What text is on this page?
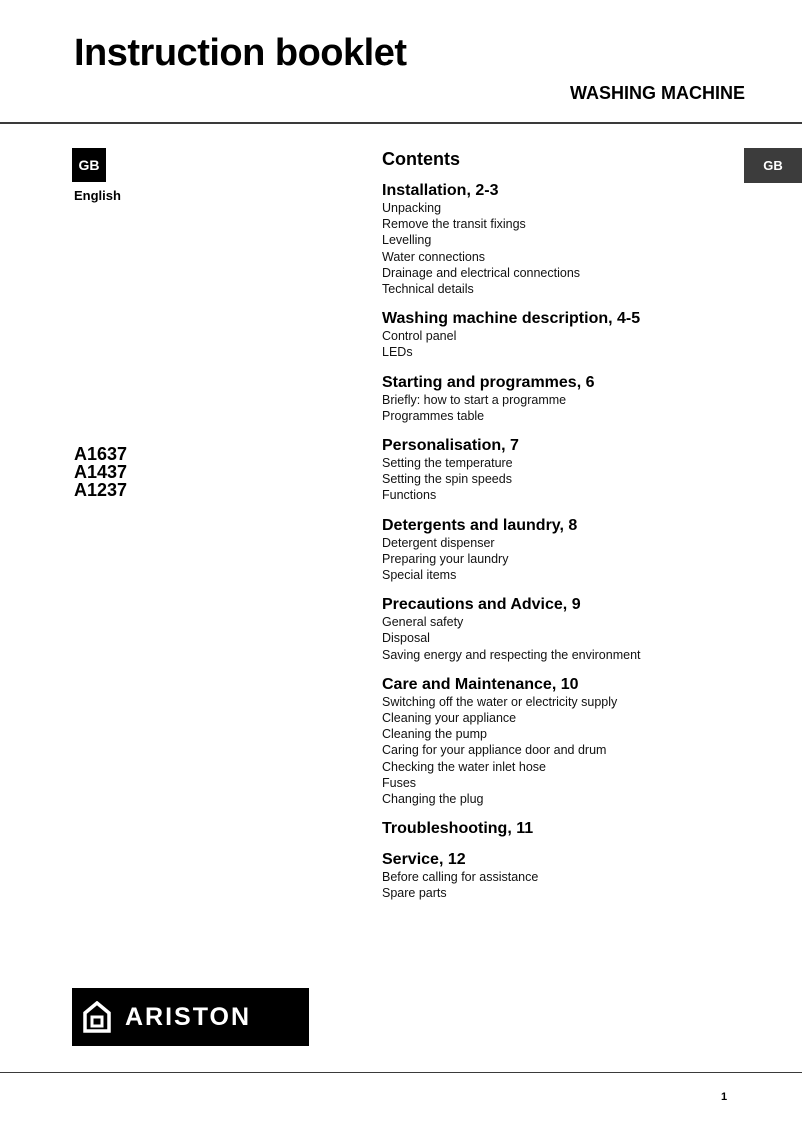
Instruction booklet
WASHING MACHINE
GB
English
GB
A1637
A1437
A1237
Contents
Installation, 2-3
Unpacking
Remove the transit fixings
Levelling
Water connections
Drainage and electrical connections
Technical details
Washing machine description, 4-5
Control panel
LEDs
Starting and programmes, 6
Briefly: how to start a programme
Programmes table
Personalisation, 7
Setting the temperature
Setting the spin speeds
Functions
Detergents and laundry, 8
Detergent dispenser
Preparing your laundry
Special items
Precautions and Advice, 9
General safety
Disposal
Saving energy and respecting the environment
Care and Maintenance, 10
Switching off the water or electricity supply
Cleaning your appliance
Cleaning the pump
Caring for your appliance door and drum
Checking the water inlet hose
Fuses
Changing the plug
Troubleshooting, 11
Service, 12
Before calling for assistance
Spare parts
ARISTON
1
